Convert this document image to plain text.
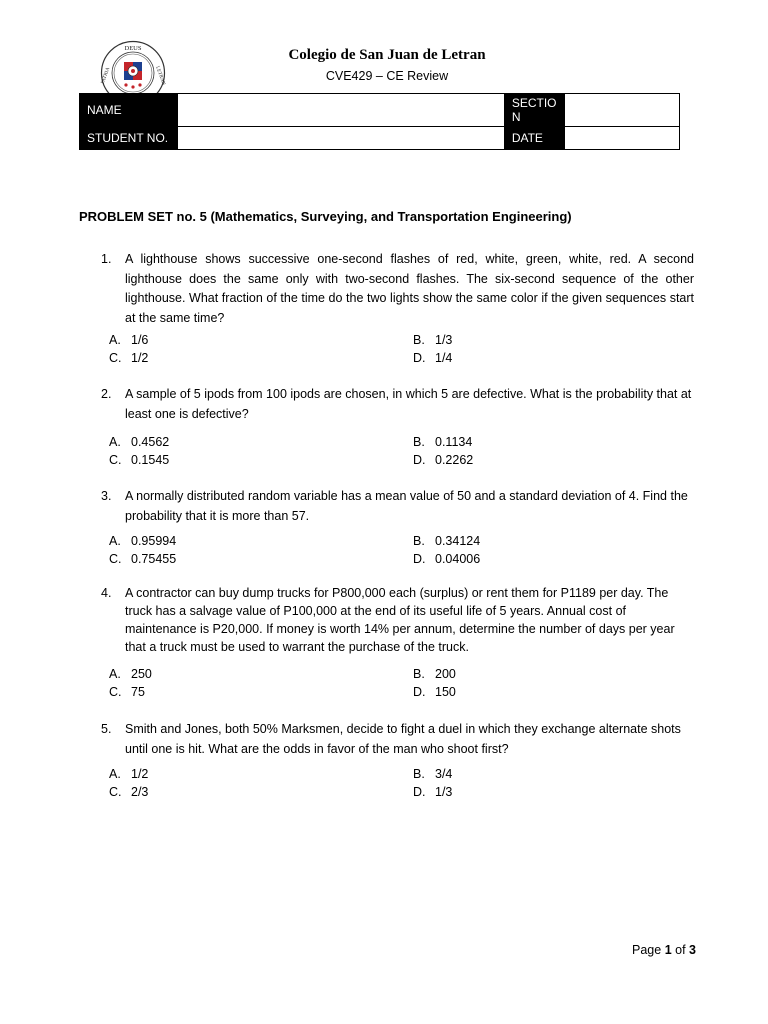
DEUS
PATRIA	LETRAN
Colegio de San Juan de Letran
CVE429 – CE Review
NAME		SECTIO
N	
STUDENT NO.		DATE	
PROBLEM SET no. 5 (Mathematics, Surveying, and Transportation Engineering)
1. A lighthouse shows successive one-second flashes of red, white, green, white, red. A second lighthouse does the same only with two-second flashes. The six-second sequence of the other lighthouse. What fraction of the time do the two lights show the same color if the given sequences start at the same time?
A. 1/6	B. 1/3
C. 1/2	D. 1/4
2. A sample of 5 ipods from 100 ipods are chosen, in which 5 are defective. What is the probability that at least one is defective?
A. 0.4562	B. 0.1134
C. 0.1545	D. 0.2262
3. A normally distributed random variable has a mean value of 50 and a standard deviation of 4. Find the probability that it is more than 57.
A. 0.95994	B. 0.34124
C. 0.75455	D. 0.04006
4. A contractor can buy dump trucks for P800,000 each (surplus) or rent them for P1189 per day. The truck has a salvage value of P100,000 at the end of its useful life of 5 years. Annual cost of maintenance is P20,000. If money is worth 14% per annum, determine the number of days per year that a truck must be used to warrant the purchase of the truck.
A. 250	B. 200
C. 75	D. 150
5. Smith and Jones, both 50% Marksmen, decide to fight a duel in which they exchange alternate shots until one is hit. What are the odds in favor of the man who shoot first?
A. 1/2	B. 3/4
C. 2/3	D. 1/3
Page 1 of 3
